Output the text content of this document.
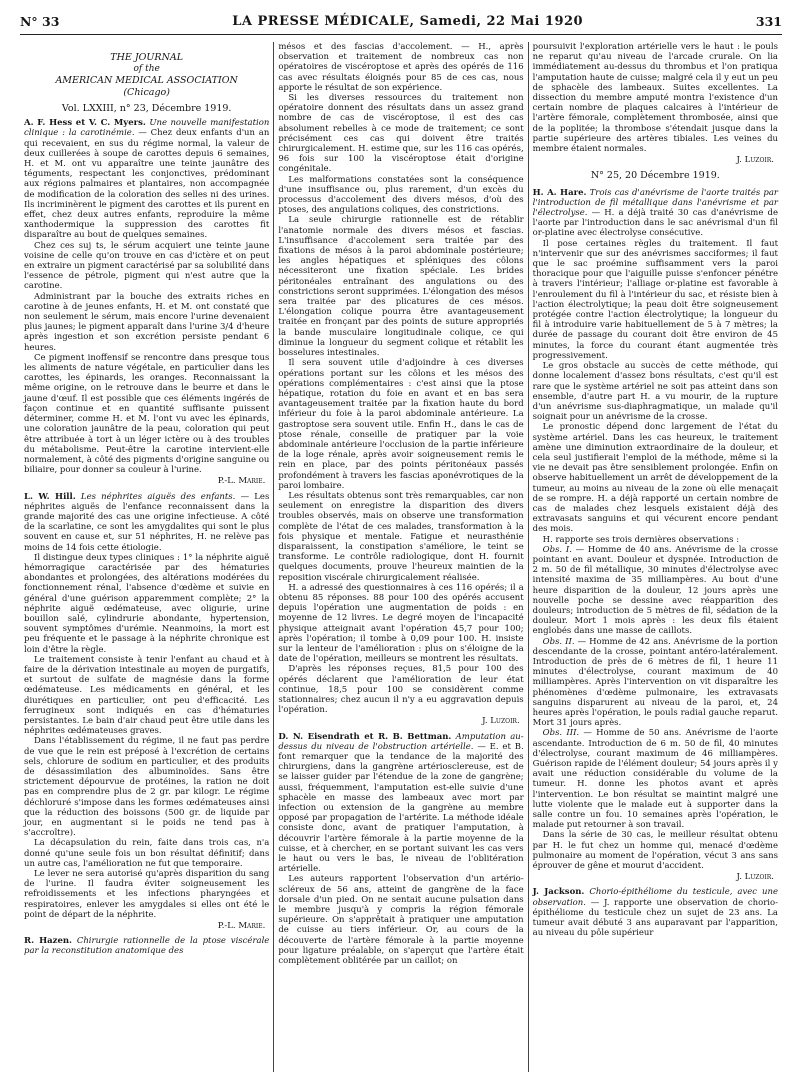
N° 33	LA PRESSE MÉDICALE, Samedi, 22 Mai 1920	331
THE JOURNAL
of the
AMERICAN MEDICAL ASSOCIATION
(Chicago)
Vol. LXXIII, n° 23, Décembre 1919.

A. F. Hess et V. C. Myers. Une nouvelle manifestation clinique : la carotinémie. — Chez deux enfants d'un an qui recevaient, en sus du régime normal, la valeur de deux cuillerées à soupe de carottes depuis 6 semaines, H. et M. ont vu apparaître une teinte jaunâtre des téguments, respectant les conjonctives, prédominant aux régions palmaires et plantaires, non accompagnée de modification de la coloration des selles ni des urines. Ils incriminèrent le pigment des carottes et ils purent en effet, chez deux autres enfants, reproduire la même xanthodermique la suppression des carottes fit disparaître au bout de quelques semaines.

Chez ces suj ts, le sérum acquiert une teinte jaune voisine de celle qu'on trouve en cas d'ictère et on peut en extraire un pigment caractérisé par sa solubilité dans l'essence de pétrole, pigment qui n'est autre que la carotine.

Administrant par la bouche des extraits riches en carotine à de jeunes enfants, H. et M. ont constaté que non seulement le sérum, mais encore l'urine devenaient plus jaunes; le pigment apparaît dans l'urine 3/4 d'heure après ingestion et son excrétion persiste pendant 6 heures.

Ce pigment inoffensif se rencontre dans presque tous les aliments de nature végétale, en particulier dans les carottes, les épinards, les oranges. Reconnaissant la même origine, on le retrouve dans le beurre et dans le jaune d'œuf. Il est possible que ces éléments ingérés de façon continue et en quantité suffisante puissent déterminer, comme H. et M. l'ont vu avec les épinards, une coloration jaunâtre de la peau, coloration qui peut être attribuée à tort à un léger ictère ou à des troubles du métabolisme. Peut-être la carotine intervient-elle normalement, à côté des pigments d'origine sanguine ou biliaire, pour donner sa couleur à l'urine.

P.-L. Marie.

L. W. Hill. Les néphrites aiguës des enfants. — Les néphrites aiguës de l'enfance reconnaissent dans la grande majorité des cas une origine infectieuse. A côté de la scarlatine, ce sont les amygdalites qui sont le plus souvent en cause et, sur 51 néphrites, H. ne relève pas moins de 14 fois cette étiologie.

Il distingue deux types cliniques : 1° la néphrite aiguë hémorragique caractérisée par des hématuries abondantes et prolongées, des altérations modérées du fonctionnement rénal, l'absence d'œdème et suivie en général d'une guérison apparemment complète; 2° la néphrite aiguë œdémateuse, avec oligurie, urine bouillon salé, cylindrurie abondante, hypertension, souvent symptômes d'urémie. Neanmoins, la mort est peu fréquente et le passage à la néphrite chronique est loin d'être la règle.

Le traitement consiste à tenir l'enfant au chaud et à faire de la dérivation intestinale au moyen de purgatifs, et surtout de sulfate de magnésie dans la forme œdémateuse. Les médicaments en général, et les diurétiques en particulier, ont peu d'efficacité. Les ferrugineux sont indiqués en cas d'hématuries persistantes. Le bain d'air chaud peut être utile dans les néphrites œdémateuses graves.

Dans l'établissement du régime, il ne faut pas perdre de vue que le rein est préposé à l'excrétion de certains sels, chlorure de sodium en particulier, et des produits de désassimilation des albuminoïdes. Sans être strictement dépourvue de protéines, la ration ne doit pas en comprendre plus de 2 gr. par kilogr. Le régime déchloruré s'impose dans les formes œdémateuses ainsi que la réduction des boissons (500 gr. de liquide par jour, en augmentant si le poids ne tend pas à s'accroître).

La décapsulation du rein, faite dans trois cas, n'a donné qu'une seule fois un bon résultat définitif; dans un autre cas, l'amélioration ne fut que temporaire.

Le lever ne sera autorisé qu'après disparition du sang de l'urine. Il faudra éviter soigneusement les refroidissements et les infections pharyngées et respiratoires, enlever les amygdales si elles ont été le point de départ de la néphrite.

P.-L. Marie.

R. Hazen. Chirurgie rationnelle de la ptose viscérale par la reconstitution anatomique des

mésos et des fascias d'accolement. — H., après observation et traitement de nombreux cas non opératoires de viscéroptose et après des opérés de 116 cas avec résultats éloignés pour 85 de ces cas, nous apporte le résultat de son expérience.

Si les diverses ressources du traitement non opératoire donnent des résultats dans un assez grand nombre de cas de viscéroptose, il est des cas absolument rebelles à ce mode de traitement; ce sont précisément ces cas qui doivent être traités chirurgicalement. H. estime que, sur les 116 cas opérés, 96 fois sur 100 la viscéroptose était d'origine congénitale.

Les malformations constatées sont la conséquence d'une insuffisance ou, plus rarement, d'un excès du processus d'accolement des divers mésos, d'où des ptoses, des angulations coliques, des constrictions.

La seule chirurgie rationnelle est de rétablir l'anatomie normale des divers mésos et fascias. L'insuffisance d'accolement sera traitée par des fixations de mésos à la paroi abdominale postérieure; les angles hépatiques et spléniques des côlons nécessiteront une fixation spéciale. Les brides péritonéales entraînant des angulations ou des constrictions seront supprimées. L'élongation des mésos sera traitée par des plicatures de ces mésos. L'élongation colique pourra être avantageusement traitée en fronçant par des points de suture appropriés la bande musculaire longitudinale colique, ce qui diminue la longueur du segment colique et rétablit les bosselures intestinales.

Il sera souvent utile d'adjoindre à ces diverses opérations portant sur les côlons et les mésos des opérations complémentaires : c'est ainsi que la ptose hépatique, rotation du foie en avant et en bas sera avantageusement traitée par la fixation haute du bord inférieur du foie à la paroi abdominale antérieure. La gastroptose sera souvent utile. Enfin H., dans le cas de ptose rénale, conseille de pratiquer par la voie abdominale antérieure l'occlusion de la partie inférieure de la loge rénale, après avoir soigneusement remis le rein en place, par des points péritonéaux passés profondément à travers les fascias aponévrotiques de la paroi lombaire.

Les résultats obtenus sont très remarquables, car non seulement on enregistre la disparition des divers troubles observés, mais on observe une transformation complète de l'état de ces malades, transformation à la fois physique et mentale. Fatigue et neurasthénie disparaissent, la constipation s'améliore, le teint se transforme. Le contrôle radiologique, dont H. fournit quelques documents, prouve l'heureux maintien de la reposition viscérale chirurgicalement réalisée.

H. a adressé des questionnaires à ces 116 opérés; il a obtenu 85 réponses. 88 pour 100 des opérés accusent depuis l'opération une augmentation de poids : en moyenne de 12 livres. Le degré moyen de l'incapacité physique atteignait avant l'opération 45,7 pour 100; après l'opération; il tombe à 0,09 pour 100. H. insiste sur la lenteur de l'amélioration : plus on s'éloigne de la date de l'opération, meilleurs se montrent les résultats.

D'après les réponses reçues, 81,5 pour 100 des opérés déclarent que l'amélioration de leur état continue, 18,5 pour 100 se considèrent comme stationnaires; chez aucun il n'y a eu aggravation depuis l'opération.

J. Luzoir.

D. N. Eisendrath et R. B. Bettman. Amputation au-dessus du niveau de l'obstruction artérielle. — E. et B. font remarquer que la tendance de la majorité des chirurgiens, dans la gangrène artériosclereuse, est de se laisser guider par l'étendue de la zone de gangrène; aussi, fréquemment, l'amputation est-elle suivie d'une sphacèle en masse des lambeaux avec mort par infection ou extension de la gangrène au membre opposé par propagation de l'artérite. La méthode idéale consiste donc, avant de pratiquer l'amputation, à découvrir l'artère fémorale à la partie moyenne de la cuisse, et à chercher, en se portant suivant les cas vers le haut ou vers le bas, le niveau de l'oblitération artérielle.

Les auteurs rapportent l'observation d'un artério-scléreux de 56 ans, atteint de gangrène de la face dorsale d'un pied. On ne sentait aucune pulsation dans le membre jusqu'à y compris la région fémorale supérieure. On s'apprêtait à pratiquer une amputation de cuisse au tiers inférieur. Or, au cours de la découverte de l'artère fémorale à la partie moyenne pour ligature préalable, on s'aperçut que l'artère était complètement oblitérée par un caillot; on

poursuivit l'exploration artérielle vers le haut : le pouls ne reparut qu'au niveau de l'arcade crurale. On lia immédiatement au-dessus du thrombus et l'on pratiqua l'amputation haute de cuisse; malgré cela il y eut un peu de sphacèle des lambeaux. Suites excellentes. La dissection du membre amputé montra l'existence d'un certain nombre de plaques calcaires à l'intérieur de l'artère fémorale, complètement thrombosée, ainsi que de la poplitée; la thrombose s'étendait jusque dans la partie supérieure des artères tibiales. Les veines du membre étaient normales.

J. Luzoir.
N° 25, 20 Décembre 1919.

H. A. Hare. Trois cas d'anévrisme de l'aorte traités par l'introduction de fil métallique dans l'anévrisme et par l'électrolyse. — H. a déjà traité 30 cas d'anévrisme de l'aorte par l'introduction dans le sac anévrismal d'un fil or-platine avec électrolyse consécutive.

Il pose certaines règles du traitement. Il faut n'intervenir que sur des anévrismes sacciformes; il faut que le sac proémine suffisamment vers la paroi thoracique pour que l'aiguille puisse s'enfoncer pénétre à travers l'intérieur; l'alliage or-platine est favorable à l'enroulement du fil à l'intérieur du sac, et résiste bien à l'action électrolytique; la peau doit être soigneusement protégée contre l'action électrolytique; la longueur du fil à introduire varie habituellement de 5 à 7 mètres; la durée de passage du courant doit être environ de 45 minutes, la force du courant étant augmentée très progressivement.

Le gros obstacle au succès de cette méthode, qui donne localement d'assez bons résultats, c'est qu'il est rare que le système artériel ne soit pas atteint dans son ensemble, d'autre part H. a vu mourir, de la rupture d'un anévrisme sus-diaphragmatique, un malade qu'il soignait pour un anévrisme de la crosse.

Le pronostic dépend donc largement de l'état du système artériel. Dans les cas heureux, le traitement amène une diminution extraordinaire de la douleur, et cela seul justifierait l'emploi de la méthode, même si la vie ne devait pas être sensiblement prolongée. Enfin on observe habituellement un arrêt de développement de la tumeur, au moins au niveau de la zone où elle menaçait de se rompre. H. a déjà rapporté un certain nombre de cas de malades chez lesquels existaient déjà des extravasats sanguins et qui vécurent encore pendant des mois.

H. rapporte ses trois dernières observations :

Obs. I. — Homme de 40 ans. Anévrisme de la crosse pointant en avant. Douleur et dyspnée. Introduction de 2 m. 50 de fil métallique, 30 minutes d'électrolyse avec intensité maxima de 35 milliampères. Au bout d'une heure disparition de la douleur, 12 jours après une nouvelle poche se dessine avec réapparition des douleurs; introduction de 5 mètres de fil, sédation de la douleur. Mort 1 mois après : les deux fils étaient englobés dans une masse de caillots.

Obs. II. — Homme de 42 ans. Anévrisme de la portion descendante de la crosse, pointant antéro-latéralement. Introduction de près de 6 mètres de fil, 1 heure 11 minutes d'électrolyse, courant maximum de 40 milliampères. Après l'intervention on vit disparaître les phénomènes d'œdème pulmonaire, les extravasats sanguins disparurent au niveau de la paroi, et, 24 heures après l'opération, le pouls radial gauche reparut. Mort 31 jours après.

Obs. III. — Homme de 50 ans. Anévrisme de l'aorte ascendante. Introduction de 6 m. 50 de fil, 40 minutes d'électrolyse, courant maximum de 46 milliampères. Guérison rapide de l'élément douleur; 54 jours après il y avait une réduction considérable du volume de la tumeur. H. donne les photos avant et après l'intervention. Le bon résultat se maintint malgré une lutte violente que le malade eut à supporter dans la salle contre un fou. 10 semaines après l'opération, le malade put retourner à son travail.

Dans la série de 30 cas, le meilleur résultat obtenu par H. le fut chez un homme qui, menacé d'œdème pulmonaire au moment de l'opération, vécut 3 ans sans éprouver de gêne et mourut d'accident.

J. Luzoir.

J. Jackson. Chorio-épithéliome du testicule, avec une observation. — J. rapporte une observation de chorio-épithéliome du testicule chez un sujet de 23 ans. La tumeur avait débuté 3 ans auparavant par l'apparition, au niveau du pôle supérieur
